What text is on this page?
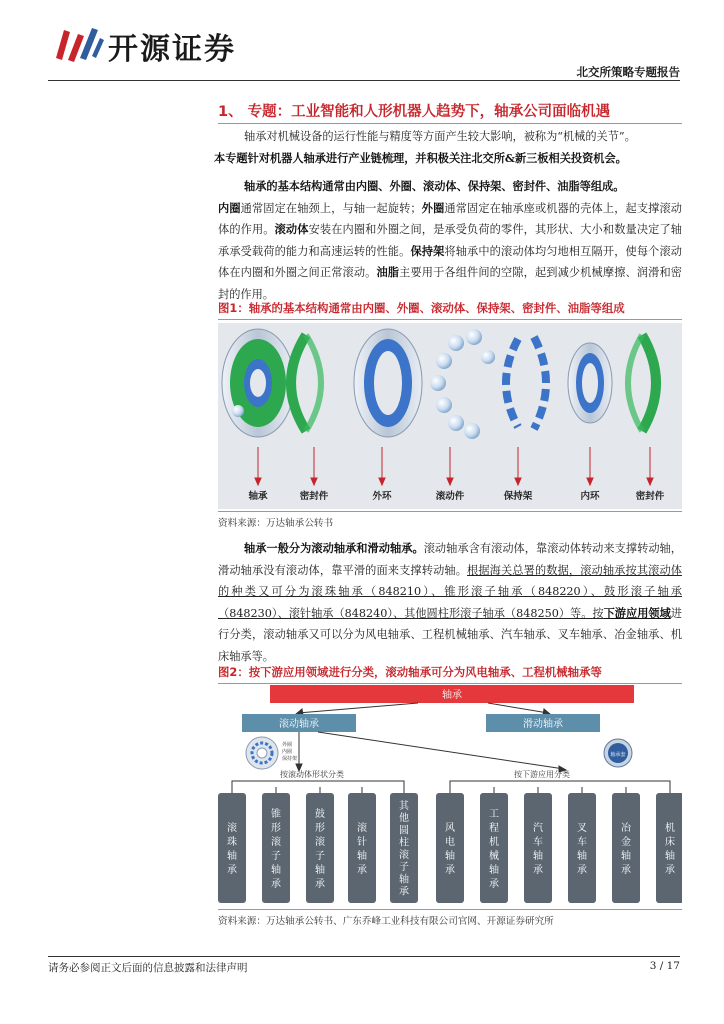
开源证券
北交所策略专题报告
1、 专题：工业智能和人形机器人趋势下，轴承公司面临机遇
轴承对机械设备的运行性能与精度等方面产生较大影响，被称为“机械的关节”。
本专题针对机器人轴承进行产业链梳理，并积极关注北交所&新三板相关投资机会。
轴承的基本结构通常由内圈、外圈、滚动体、保持架、密封件、油脂等组成。
内圈通常固定在轴颈上，与轴一起旋转；外圈通常固定在轴承座或机器的壳体上，起支撑滚动体的作用。滚动体安装在内圈和外圈之间，是承受负荷的零件，其形状、大小和数量决定了轴承承受载荷的能力和高速运转的性能。保持架将轴承中的滚动体均匀地相互隔开，使每个滚动体在内圈和外圈之间正常滚动。油脂主要用于各组件间的空隙，起到减少机械摩擦、润滑和密封的作用。
图1：轴承的基本结构通常由内圈、外圈、滚动体、保持架、密封件、油脂等组成
轴承	密封件	外环	滚动件	保持架	内环	密封件
资料来源：万达轴承公转书
轴承一般分为滚动轴承和滑动轴承。滚动轴承含有滚动体，靠滚动体转动来支撑转动轴，滑动轴承没有滚动体，靠平滑的面来支撑转动轴。根据海关总署的数据，滚动轴承按其滚动体的种类又可分为滚珠轴承（848210）、锥形滚子轴承（848220）、鼓形滚子轴承（848230）、滚针轴承（848240）、其他圆柱形滚子轴承（848250）等。按下游应用领域进行分类，滚动轴承又可以分为风电轴承、工程机械轴承、汽车轴承、叉车轴承、冶金轴承、机床轴承等。
图2：按下游应用领域进行分类，滚动轴承可分为风电轴承、工程机械轴承等
轴承
滚动轴承	滑动轴承
外圈
内圈
保持架
轴承套
按滚动体形状分类	按下游应用分类
滚珠轴承
锥形滚子轴承
鼓形滚子轴承
滚针轴承
其他圆柱滚子轴承
风电轴承
工程机械轴承
汽车轴承
叉车轴承
冶金轴承
机床轴承
资料来源：万达轴承公转书、广东乔峰工业科技有限公司官网、开源证券研究所
请务必参阅正文后面的信息披露和法律声明	3 / 17
